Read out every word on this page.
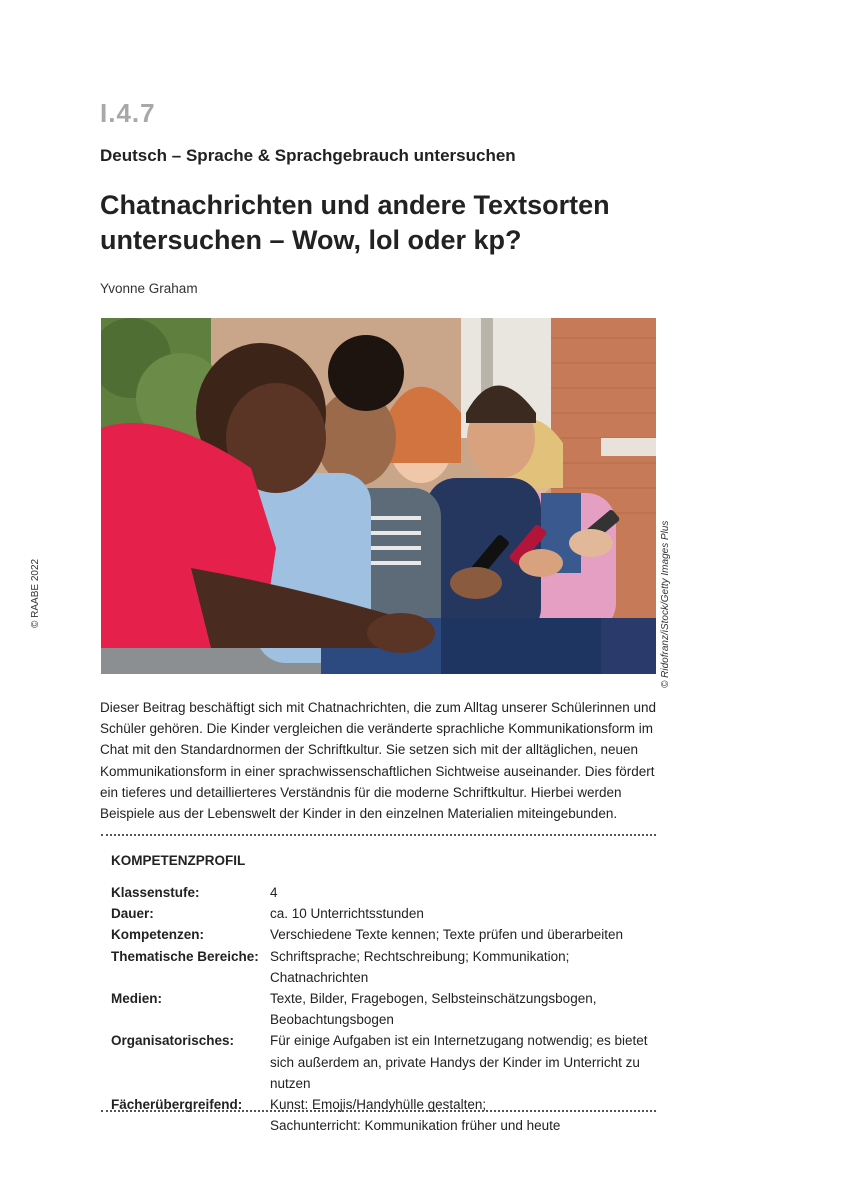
I.4.7
Deutsch – Sprache & Sprachgebrauch untersuchen
Chatnachrichten und andere Textsorten untersuchen – Wow, lol oder kp?
Yvonne Graham
© Ridofranz/iStock/Getty Images Plus
© RAABE 2022

Dieser Beitrag beschäftigt sich mit Chatnachrichten, die zum Alltag unserer Schülerinnen und Schüler gehören. Die Kinder vergleichen die veränderte sprachliche Kommunikationsform im Chat mit den Standardnormen der Schriftkultur. Sie setzen sich mit der alltäglichen, neuen Kommunikationsform in einer sprachwissenschaftlichen Sichtweise auseinander. Dies fördert ein tieferes und detaillierteres Verständnis für die moderne Schriftkultur. Hierbei werden Beispiele aus der Lebenswelt der Kinder in den einzelnen Materialien miteingebunden.

KOMPETENZPROFIL
Klassenstufe:	4
Dauer:	ca. 10 Unterrichtsstunden
Kompetenzen:	Verschiedene Texte kennen; Texte prüfen und überarbeiten
Thematische Bereiche: Schriftsprache; Rechtschreibung; Kommunikation; Chatnachrichten
Medien:	Texte, Bilder, Fragebogen, Selbsteinschätzungsbogen, Beobachtungsbogen
Organisatorisches:	Für einige Aufgaben ist ein Internetzugang notwendig; es bietet sich außerdem an, private Handys der Kinder im Unterricht zu nutzen
Fächerübergreifend:	Kunst: Emojis/Handyhülle gestalten;
Sachunterricht: Kommunikation früher und heute
